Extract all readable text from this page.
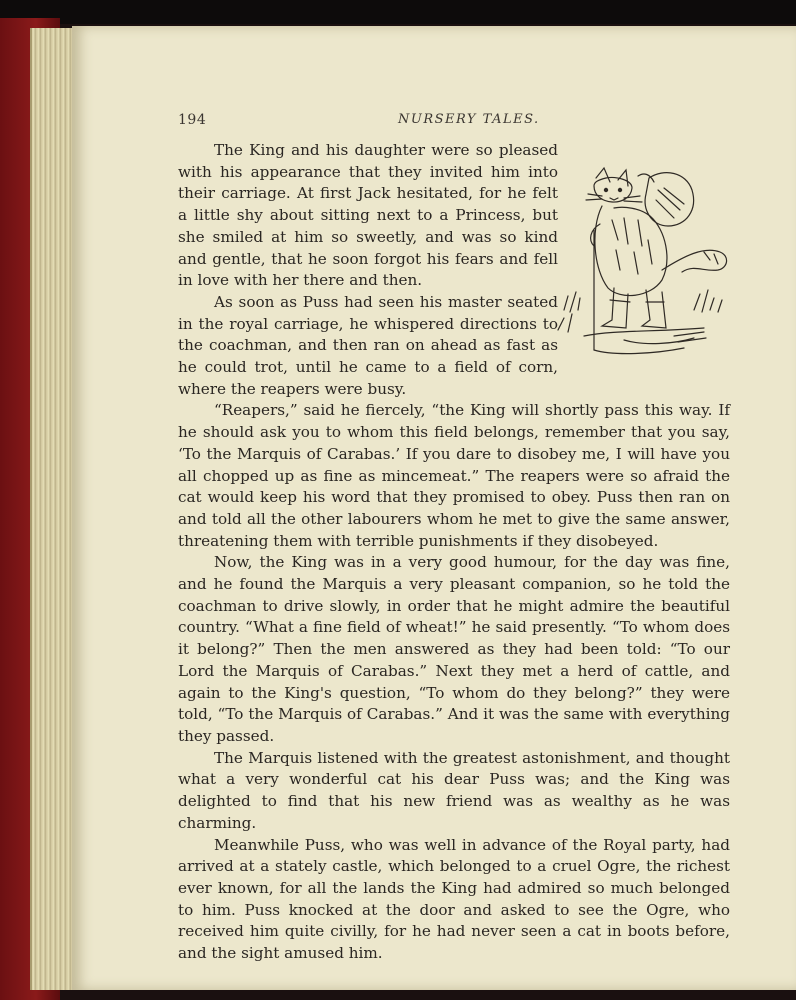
194	NURSERY TALES.

The King and his daughter were so pleased with his appearance that they invited him into their carriage. At first Jack hesitated, for he felt a little shy about sitting next to a Princess, but she smiled at him so sweetly, and was so kind and gentle, that he soon forgot his fears and fell in love with her there and then.

As soon as Puss had seen his master seated in the royal carriage, he whispered directions to the coachman, and then ran on ahead as fast as he could trot, until he came to a field of corn, where the reapers were busy.

“Reapers,” said he fiercely, “the King will shortly pass this way. If he should ask you to whom this field belongs, remember that you say, ‘To the Marquis of Carabas.’ If you dare to disobey me, I will have you all chopped up as fine as mincemeat.” The reapers were so afraid the cat would keep his word that they promised to obey. Puss then ran on and told all the other labourers whom he met to give the same answer, threatening them with terrible punishments if they disobeyed.

Now, the King was in a very good humour, for the day was fine, and he found the Marquis a very pleasant companion, so he told the coachman to drive slowly, in order that he might admire the beautiful country. “What a fine field of wheat!” he said presently. “To whom does it belong?” Then the men answered as they had been told: “To our Lord the Marquis of Carabas.” Next they met a herd of cattle, and again to the King's question, “To whom do they belong?” they were told, “To the Marquis of Carabas.” And it was the same with everything they passed.

The Marquis listened with the greatest astonishment, and thought what a very wonderful cat his dear Puss was; and the King was delighted to find that his new friend was as wealthy as he was charming.

Meanwhile Puss, who was well in advance of the Royal party, had arrived at a stately castle, which belonged to a cruel Ogre, the richest ever known, for all the lands the King had admired so much belonged to him. Puss knocked at the door and asked to see the Ogre, who received him quite civilly, for he had never seen a cat in boots before, and the sight amused him.
